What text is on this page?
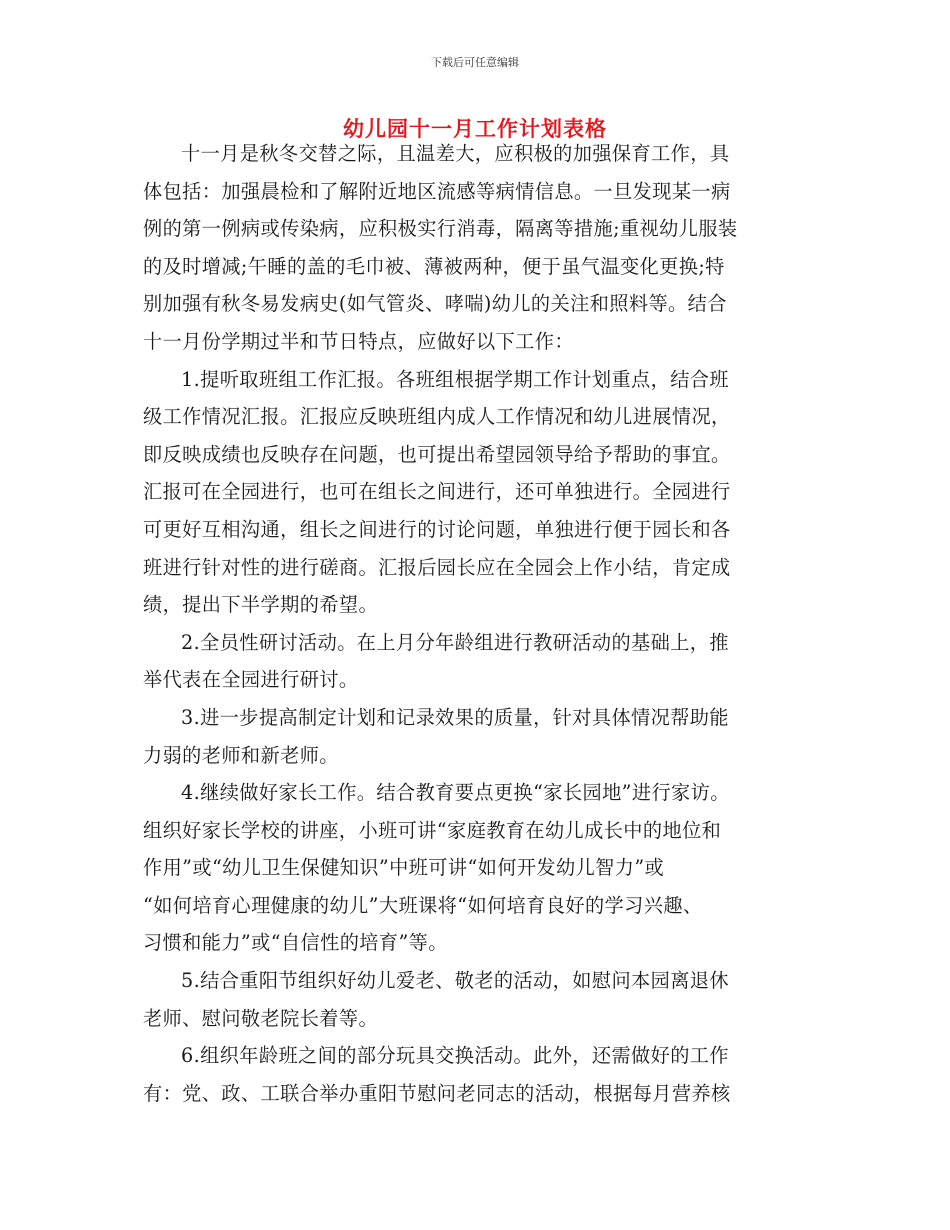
下载后可任意编辑
幼儿园十一月工作计划表格
十一月是秋冬交替之际，且温差大，应积极的加强保育工作，具
体包括：加强晨检和了解附近地区流感等病情信息。一旦发现某一病
例的第一例病或传染病，应积极实行消毒，隔离等措施;重视幼儿服装
的及时增减;午睡的盖的毛巾被、薄被两种，便于虽气温变化更换;特
别加强有秋冬易发病史(如气管炎、哮喘)幼儿的关注和照料等。结合
十一月份学期过半和节日特点，应做好以下工作：
1.提听取班组工作汇报。各班组根据学期工作计划重点，结合班
级工作情况汇报。汇报应反映班组内成人工作情况和幼儿进展情况，
即反映成绩也反映存在问题，也可提出希望园领导给予帮助的事宜。
汇报可在全园进行，也可在组长之间进行，还可单独进行。全园进行
可更好互相沟通，组长之间进行的讨论问题，单独进行便于园长和各
班进行针对性的进行磋商。汇报后园长应在全园会上作小结，肯定成
绩，提出下半学期的希望。
2.全员性研讨活动。在上月分年龄组进行教研活动的基础上，推
举代表在全园进行研讨。
3.进一步提高制定计划和记录效果的质量，针对具体情况帮助能
力弱的老师和新老师。
4.继续做好家长工作。结合教育要点更换“家长园地”进行家访。
组织好家长学校的讲座，小班可讲“家庭教育在幼儿成长中的地位和
作用”或“幼儿卫生保健知识”中班可讲“如何开发幼儿智力”或
“如何培育心理健康的幼儿”大班课将“如何培育良好的学习兴趣、
习惯和能力”或“自信性的培育”等。
5.结合重阳节组织好幼儿爱老、敬老的活动，如慰问本园离退休
老师、慰问敬老院长着等。
6.组织年龄班之间的部分玩具交换活动。此外，还需做好的工作
有：党、政、工联合举办重阳节慰问老同志的活动，根据每月营养核
